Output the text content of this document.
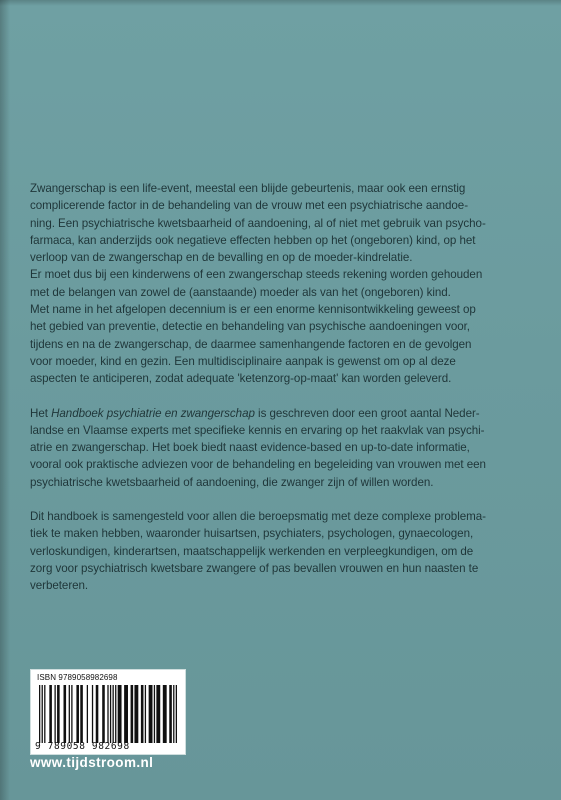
Zwangerschap is een life-event, meestal een blijde gebeurtenis, maar ook een ernstig

complicerende factor in de behandeling van de vrouw met een psychiatrische aandoe-

ning. Een psychiatrische kwetsbaarheid of aandoening, al of niet met gebruik van psycho-

farmaca, kan anderzijds ook negatieve effecten hebben op het (ongeboren) kind, op het

verloop van de zwangerschap en de bevalling en op de moeder-kindrelatie.

Er moet dus bij een kinderwens of een zwangerschap steeds rekening worden gehouden

met de belangen van zowel de (aanstaande) moeder als van het (ongeboren) kind.

Met name in het afgelopen decennium is er een enorme kennisontwikkeling geweest op

het gebied van preventie, detectie en behandeling van psychische aandoeningen voor,

tijdens en na de zwangerschap, de daarmee samenhangende factoren en de gevolgen

voor moeder, kind en gezin. Een multidisciplinaire aanpak is gewenst om op al deze

aspecten te anticiperen, zodat adequate 'ketenzorg-op-maat' kan worden geleverd.

Het Handboek psychiatrie en zwangerschap is geschreven door een groot aantal Neder-

landse en Vlaamse experts met specifieke kennis en ervaring op het raakvlak van psychi-

atrie en zwangerschap. Het boek biedt naast evidence-based en up-to-date informatie,

vooral ook praktische adviezen voor de behandeling en begeleiding van vrouwen met een

psychiatrische kwetsbaarheid of aandoening, die zwanger zijn of willen worden.

Dit handboek is samengesteld voor allen die beroepsmatig met deze complexe problema-

tiek te maken hebben, waaronder huisartsen, psychiaters, psychologen, gynaecologen,

verloskundigen, kinderartsen, maatschappelijk werkenden en verpleegkundigen, om de

zorg voor psychiatrisch kwetsbare zwangere of pas bevallen vrouwen en hun naasten te

verbeteren.

ISBN 9789058982698
9 789058 982698
www.tijdstroom.nl
